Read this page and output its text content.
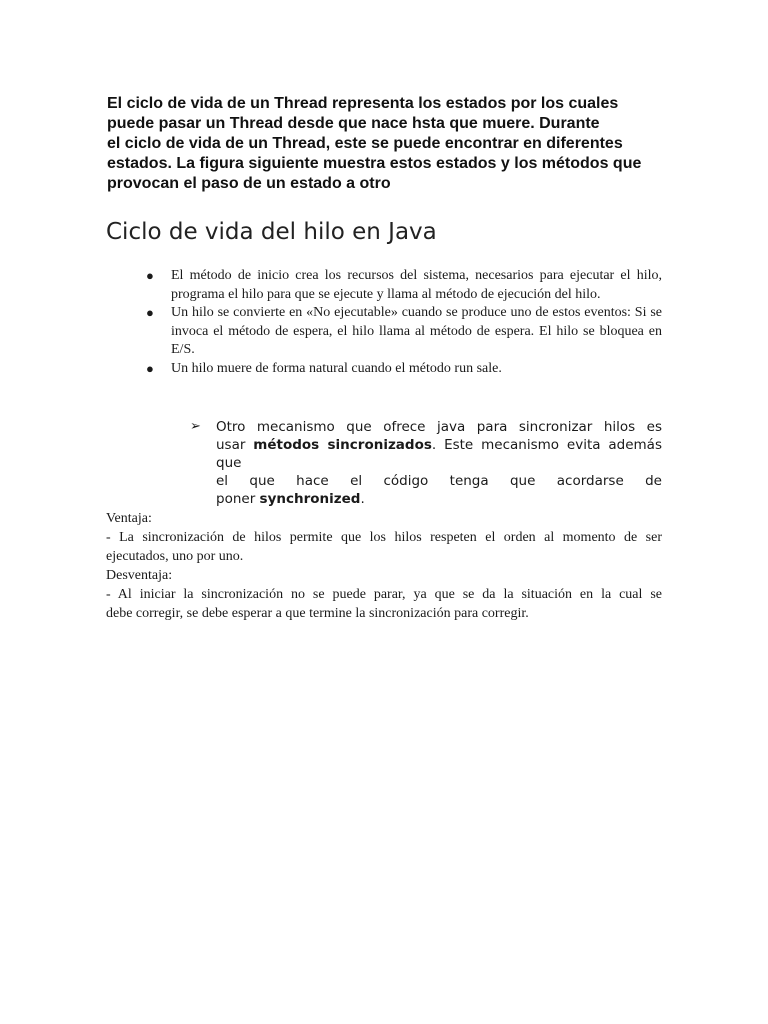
El ciclo de vida de un Thread representa los estados por los cuales
puede pasar un Thread desde que nace hsta que muere. Durante
el ciclo de vida de un Thread, este se puede encontrar en diferentes
estados. La figura siguiente muestra estos estados y los métodos que
provocan el paso de un estado a otro

Ciclo de vida del hilo en Java
● El método de inicio crea los recursos del sistema, necesarios para ejecutar el hilo, programa el hilo para que se ejecute y llama al método de ejecución del hilo.
● Un hilo se convierte en «No ejecutable» cuando se produce uno de estos eventos: Si se invoca el método de espera, el hilo llama al método de espera. El hilo se bloquea en E/S.
● Un hilo muere de forma natural cuando el método run sale.
➢	Otro mecanismo que ofrece java para sincronizar hilos es
usar métodos sincronizados. Este mecanismo evita además que
el que hace el código tenga que acordarse de
poner synchronized.
Ventaja:
- La sincronización de hilos permite que los hilos respeten el orden al momento de ser
ejecutados, uno por uno.
Desventaja:
- Al iniciar la sincronización no se puede parar, ya que se da la situación en la cual se
debe corregir, se debe esperar a que termine la sincronización para corregir.
